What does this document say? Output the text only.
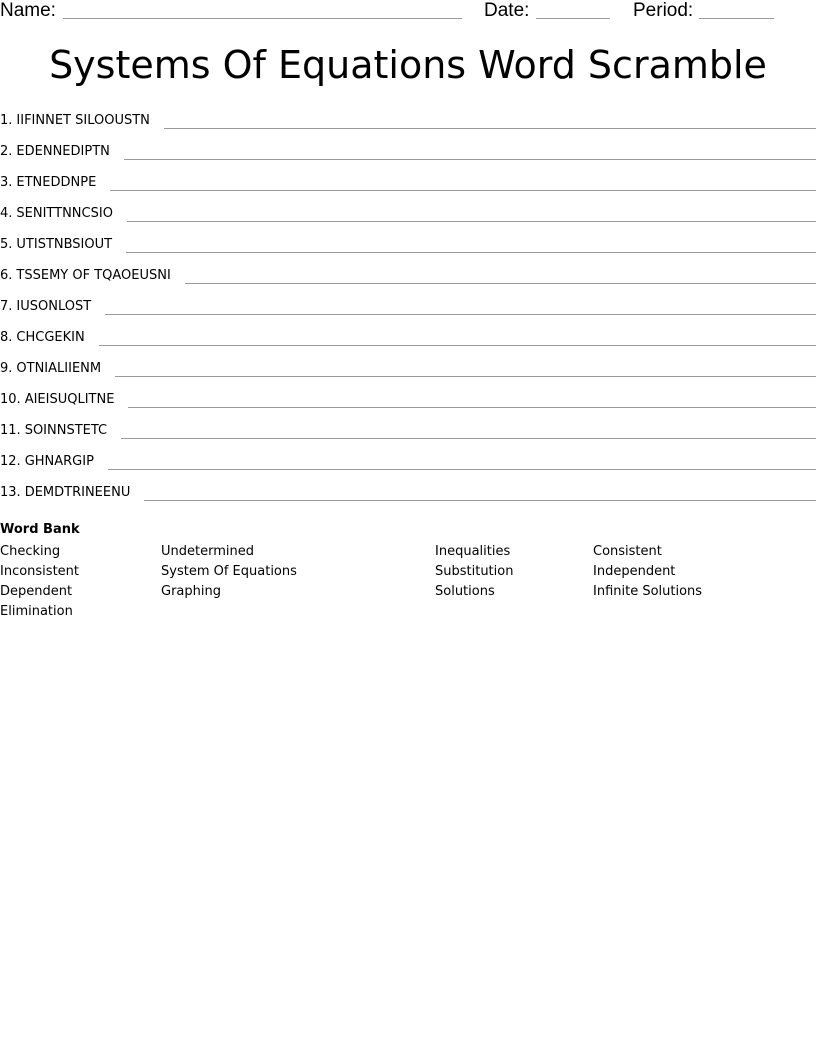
Name:	Date:	Period:
Systems Of Equations Word Scramble
1. IIFINNET SILOOUSTN
2. EDENNEDIPTN
3. ETNEDDNPE
4. SENITTNNCSIO
5. UTISTNBSIOUT
6. TSSEMY OF TQAOEUSNI
7. IUSONLOST
8. CHCGEKIN
9. OTNIALIIENM
10. AIEISUQLITNE
11. SOINNSTETC
12. GHNARGIP
13. DEMDTRINEENU
Word Bank
Checking
Inconsistent
Dependent
Elimination
Undetermined
System Of Equations
Graphing
Inequalities
Substitution
Solutions
Consistent
Independent
Infinite Solutions
